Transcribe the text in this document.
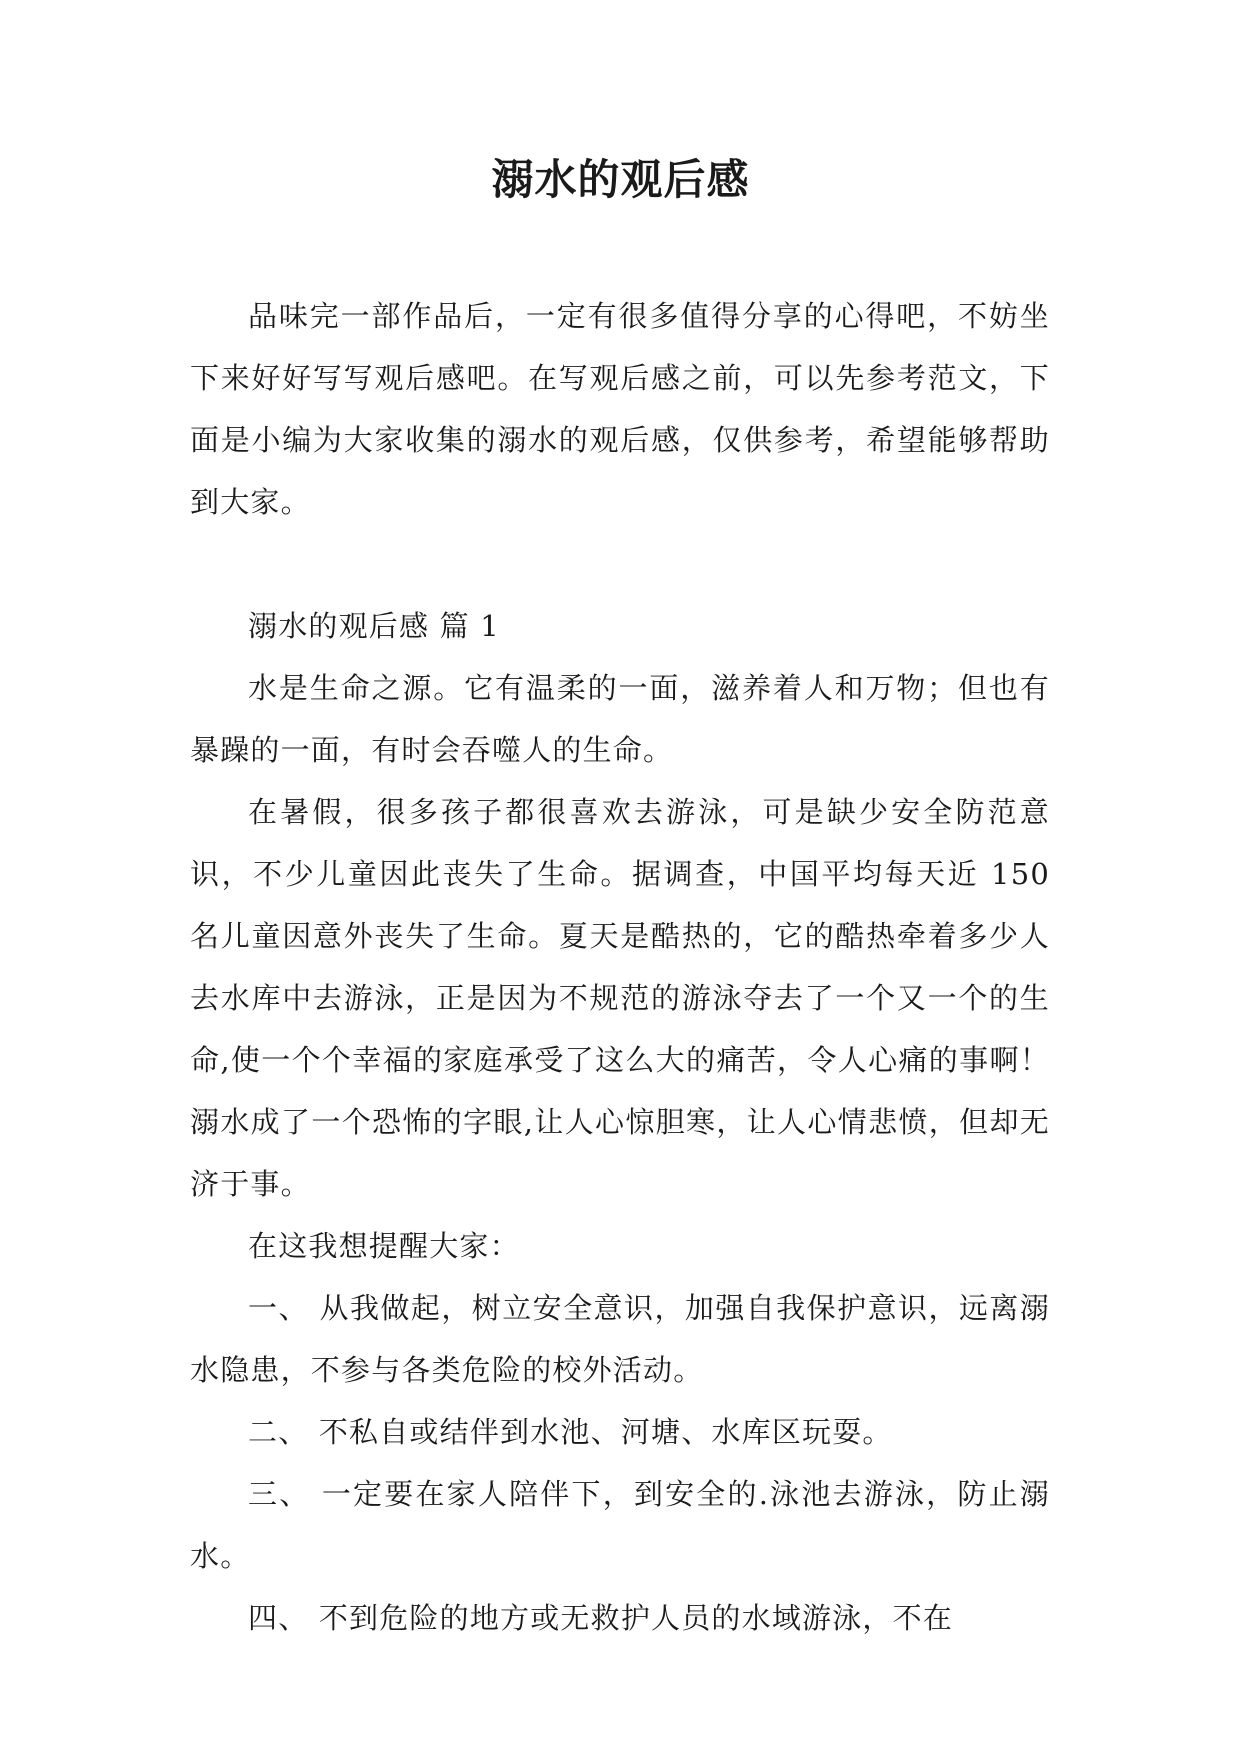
溺水的观后感

品味完一部作品后，一定有很多值得分享的心得吧，不妨坐下来好好写写观后感吧。在写观后感之前，可以先参考范文，下面是小编为大家收集的溺水的观后感，仅供参考，希望能够帮助到大家。

溺水的观后感 篇 1

水是生命之源。它有温柔的一面，滋养着人和万物；但也有暴躁的一面，有时会吞噬人的生命。

在暑假，很多孩子都很喜欢去游泳，可是缺少安全防范意识，不少儿童因此丧失了生命。据调查，中国平均每天近 150 名儿童因意外丧失了生命。夏天是酷热的，它的酷热牵着多少人去水库中去游泳，正是因为不规范的游泳夺去了一个又一个的生命,使一个个幸福的家庭承受了这么大的痛苦，令人心痛的事啊！溺水成了一个恐怖的字眼,让人心惊胆寒，让人心情悲愤，但却无济于事。

在这我想提醒大家：

一、 从我做起，树立安全意识，加强自我保护意识，远离溺水隐患，不参与各类危险的校外活动。

二、 不私自或结伴到水池、河塘、水库区玩耍。

三、 一定要在家人陪伴下，到安全的.泳池去游泳，防止溺水。

四、 不到危险的地方或无救护人员的水域游泳，不在
